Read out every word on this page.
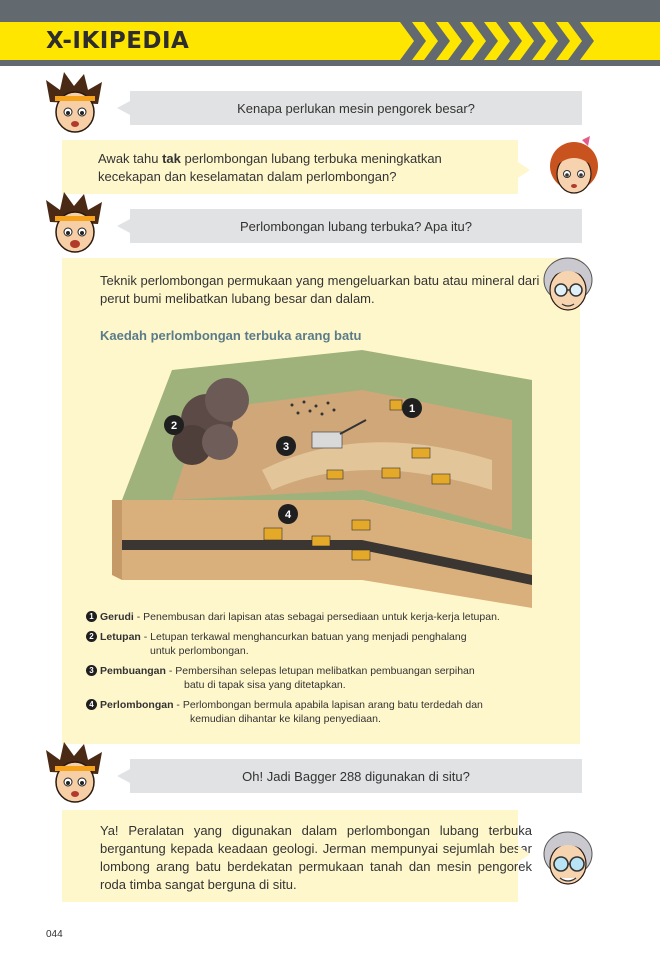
X-IKIPEDIA
Kenapa perlukan mesin pengorek besar?
Awak tahu tak perlombongan lubang terbuka meningkatkan
kecekapan dan keselamatan dalam perlombongan?
Perlombongan lubang terbuka? Apa itu?
Teknik perlombongan permukaan yang mengeluarkan batu atau mineral dari perut bumi melibatkan lubang besar dan dalam.
Kaedah perlombongan terbuka arang batu
1
2
3
4
1 Gerudi - Penembusan dari lapisan atas sebagai persediaan untuk kerja-kerja letupan.
2 Letupan - Letupan terkawal menghancurkan batuan yang menjadi penghalang
untuk perlombongan.
3 Pembuangan - Pembersihan selepas letupan melibatkan pembuangan serpihan
batu di tapak sisa yang ditetapkan.
4 Perlombongan - Perlombongan bermula apabila lapisan arang batu terdedah dan
kemudian dihantar ke kilang penyediaan.
Oh! Jadi Bagger 288 digunakan di situ?
Ya! Peralatan yang digunakan dalam perlombongan lubang terbuka bergantung kepada keadaan geologi. Jerman mempunyai sejumlah besar lombong arang batu berdekatan permukaan tanah dan mesin pengorek roda timba sangat berguna di situ.
044
